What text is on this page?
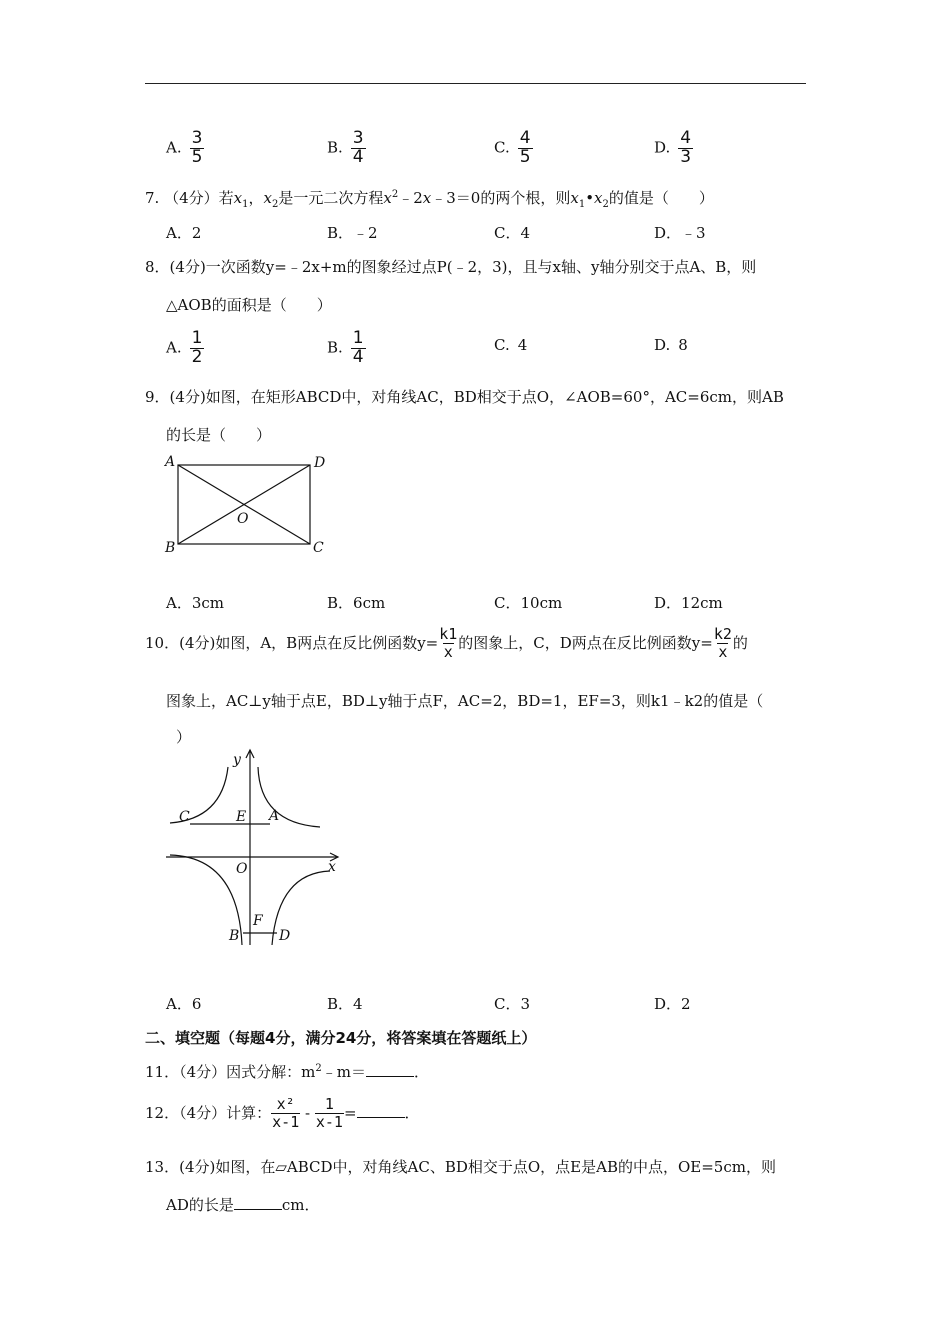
A. $\frac{3}{5}$	B. $\frac{3}{4}$	C. $\frac{4}{5}$	D. $\frac{4}{3}$
7. （4分）若$x_1$，$x_2$是一元二次方程$x^2﹣2x﹣3=0$的两个根，则$x_1•x_2$的值是（　　）
A．2	B．﹣2	C．4	D．﹣3
8．(4分)一次函数y=﹣2x+m的图象经过点P(﹣2，3)，且与x轴、y轴分别交于点A、B，则
△AOB的面积是（　　）
A. $\frac{1}{2}$	B. $\frac{1}{4}$	C. 4	D. 8
9．(4分)如图，在矩形ABCD中，对角线AC，BD相交于点O，∠AOB=60°，AC=6cm，则AB
的长是（　　）
A	D
B	C
O
A．3cm	B．6cm	C．10cm	D．12cm
10．(4分)如图，A，B两点在反比例函数$y= \frac{k1}{x}$ 的图象上，C，D两点在反比例函数$y= \frac{k2}{x}$ 的
图象上，AC⊥y轴于点E，BD⊥y轴于点F，AC=2，BD=1，EF=3，则k1﹣k2的值是（
）
y
x
C	E A
O
B
F
D
A．6	B．4	C．3	D．2
二、填空题（每题4分，满分24分，将答案填在答题纸上）
11．（4分）因式分解：$m^2﹣m=$	．
12．（4分）计算： $\frac{\text{x²}}{x-1} - \frac{1}{x-1}$ =	．
13．(4分)如图，在▱ABCD中，对角线AC、BD相交于点O，点E是AB的中点，OE=5cm，则
AD的长是	cm．
